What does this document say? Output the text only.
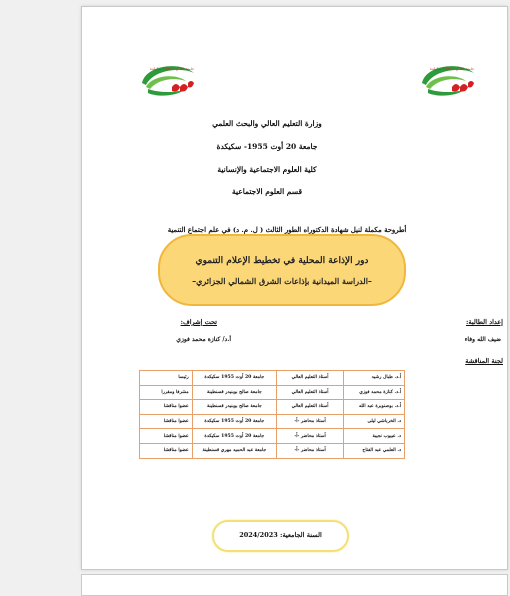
جامعة 20 أوت 1955 سكيكدة	جامعة 20 أوت 1955 سكيكدة
وزارة التعليم العالي والبحث العلمي
جامعة 20 أوت 1955- سكيكدة
كلية العلوم الاجتماعية والإنسانية
قسم العلوم الاجتماعية
أطروحة مكملة لنيل شهادة الدكتوراه الطور الثالث ( ل. م. د) في علم اجتماع التنمية
دور الإذاعة المحلية في تخطيط الإعلام التنموي
–الدراسة الميدانية بإذاعات الشرق الشمالي الجزائري–
إعداد الطالبة:
ضيف الله وفاء
تحت إشراف:
أ.د/ كنازة محمد فوزي
لجنة المناقشة
أ.د. طبال رشيد	أستاذ التعليم العالي	جامعة 20 أوت 1955 سكيكدة	رئيسا
أ.د. كنازة محمد فوزي	أستاذ التعليم العالي	جامعة صالح بوبنيدر قسنطينة	مشرفا ومقررا
أ.د. بوصنوبرة عبد الله	أستاذ التعليم العالي	جامعة صالح بوبنيدر قسنطينة	عضوا مناقشا
د. الخرباشي ليلى	أستاذ محاضر -أ-	جامعة 20 أوت 1955 سكيكدة	عضوا مناقشا
د. عبيوب نجيبة	أستاذ محاضر -أ-	جامعة 20 أوت 1955 سكيكدة	عضوا مناقشا
د. العلمي عبد الفتاح	أستاذ محاضر -أ-	جامعة عبد الحميد مهري قسنطينة	عضوا مناقشا
السنة الجامعية: 2024/2023
